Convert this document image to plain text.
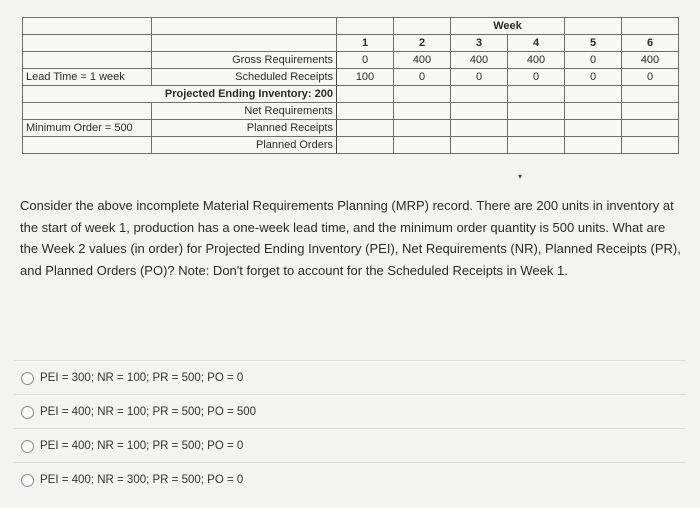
				Week			
		1	2	3	4	5	6
	Gross Requirements	0	400	400	400	0	400
Lead Time = 1 week	Scheduled Receipts	100	0	0	0	0	0
Projected Ending Inventory: 200							
	Net Requirements						
Minimum Order = 500	Planned Receipts						
	Planned Orders						
▾
Consider the above incomplete Material Requirements Planning (MRP) record. There are 200 units in inventory at the start of week 1, production has a one-week lead time, and the minimum order quantity is 500 units. What are the Week 2 values (in order) for Projected Ending Inventory (PEI), Net Requirements (NR), Planned Receipts (PR), and Planned Orders (PO)? Note: Don't forget to account for the Scheduled Receipts in Week 1.
PEI = 300; NR = 100; PR = 500; PO = 0
PEI = 400; NR = 100; PR = 500; PO = 500
PEI = 400; NR = 100; PR = 500; PO = 0
PEI = 400; NR = 300; PR = 500; PO = 0
